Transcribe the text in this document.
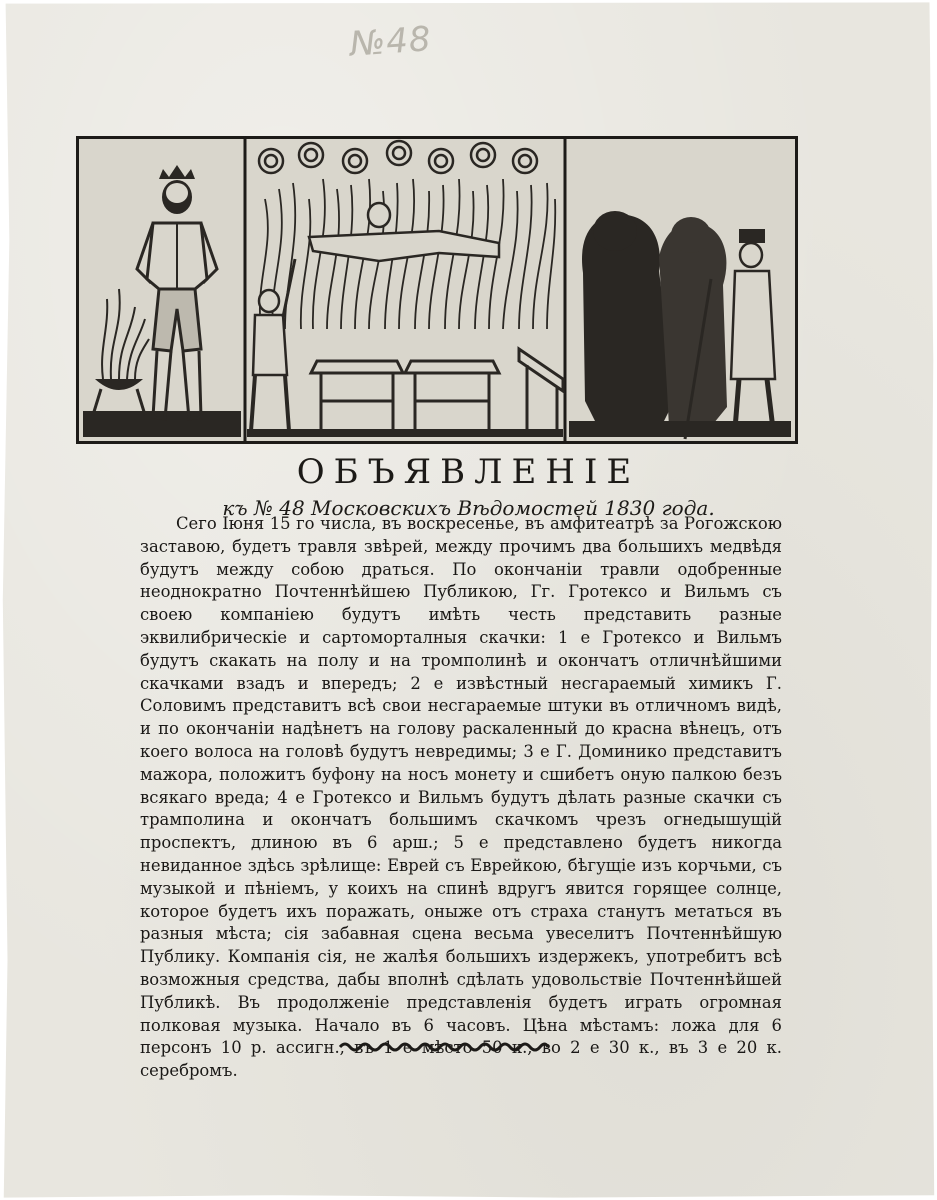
№48
ОБЪЯВЛЕНIЕ
къ № 48 Московскихъ Вѣдомостей 1830 года.

Сего Iюня 15 го числа, въ воскресенье, въ амфитеатрѣ за Рогожскою заставою, будетъ травля звѣрей, между прочимъ два большихъ медвѣдя будутъ между собою драться. По окончанiи травли одобренные неоднократно Почтеннѣйшею Публикою, Гг. Гротексо и Вильмъ съ своею компанiею будутъ имѣть честь представить разные эквилибрическiе и сартоморталныя скачки: 1 е Гротексо и Вильмъ будутъ скакать на полу и на тромполинѣ и окончатъ отличнѣйшими скачками взадъ и впередъ; 2 е извѣстный несгараемый химикъ Г. Соловимъ представитъ всѣ свои несгараемые штуки въ отличномъ видѣ, и по окончанiи надѣнетъ на голову раскаленный до красна вѣнецъ, отъ коего волоса на головѣ будутъ невредимы; 3 е Г. Доминико представитъ мажора, положитъ буфону на носъ монету и сшибетъ оную палкою безъ всякаго вреда; 4 е Гротексо и Вильмъ будутъ дѣлать разные скачки съ трамполина и окончатъ большимъ скачкомъ чрезъ огнедышущiй проспектъ, длиною въ 6 арш.; 5 е представлено будетъ никогда невиданное здѣсь зрѣлище: Еврей съ Еврейкою, бѣгущiе изъ корчьми, съ музыкой и пѣнiемъ, у коихъ на спинѣ вдругъ явится горящее солнце, которое будетъ ихъ поражать, оныже отъ страха станутъ метаться въ разныя мѣста; сiя забавная сцена весьма увеселитъ Почтеннѣйшую Публику. Компанiя сiя, не жалѣя большихъ издержекъ, употребитъ всѣ возможныя средства, дабы вполнѣ сдѣлать удовольствiе Почтеннѣйшей Публикѣ. Въ продолженiе представленiя будетъ играть огромная полковая музыка. Начало въ 6 часовъ. Цѣна мѣстамъ: ложа для 6 персонъ 10 р. ассигн., въ 1 е мѣсто 50 к., во 2 е 30 к., въ 3 е 20 к. серебромъ.
